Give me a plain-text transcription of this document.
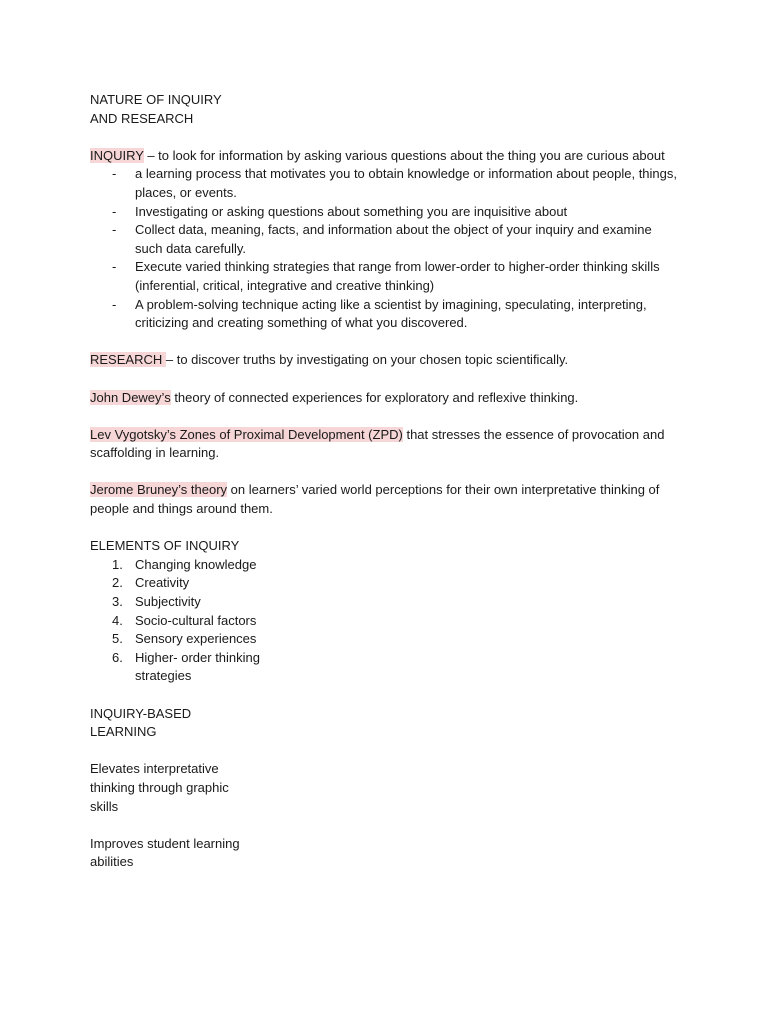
NATURE OF INQUIRY
AND RESEARCH

INQUIRY – to look for information by asking various questions about the thing you are curious about

- a learning process that motivates you to obtain knowledge or information about people, things, places, or events.
- Investigating or asking questions about something you are inquisitive about
- Collect data, meaning, facts, and information about the object of your inquiry and examine such data carefully.
- Execute varied thinking strategies that range from lower-order to higher-order thinking skills (inferential, critical, integrative and creative thinking)
- A problem-solving technique acting like a scientist by imagining, speculating, interpreting, criticizing and creating something of what you discovered.

RESEARCH – to discover truths by investigating on your chosen topic scientifically.

John Dewey’s theory of connected experiences for exploratory and reflexive thinking.

Lev Vygotsky’s Zones of Proximal Development (ZPD) that stresses the essence of provocation and scaffolding in learning.

Jerome Bruney’s theory on learners’ varied world perceptions for their own interpretative thinking of people and things around them.

ELEMENTS OF INQUIRY

1. Changing knowledge
2. Creativity
3. Subjectivity
4. Socio-cultural factors
5. Sensory experiences
6. Higher- order thinking strategies

INQUIRY-BASED LEARNING

Elevates interpretative thinking through graphic skills

Improves student learning abilities
